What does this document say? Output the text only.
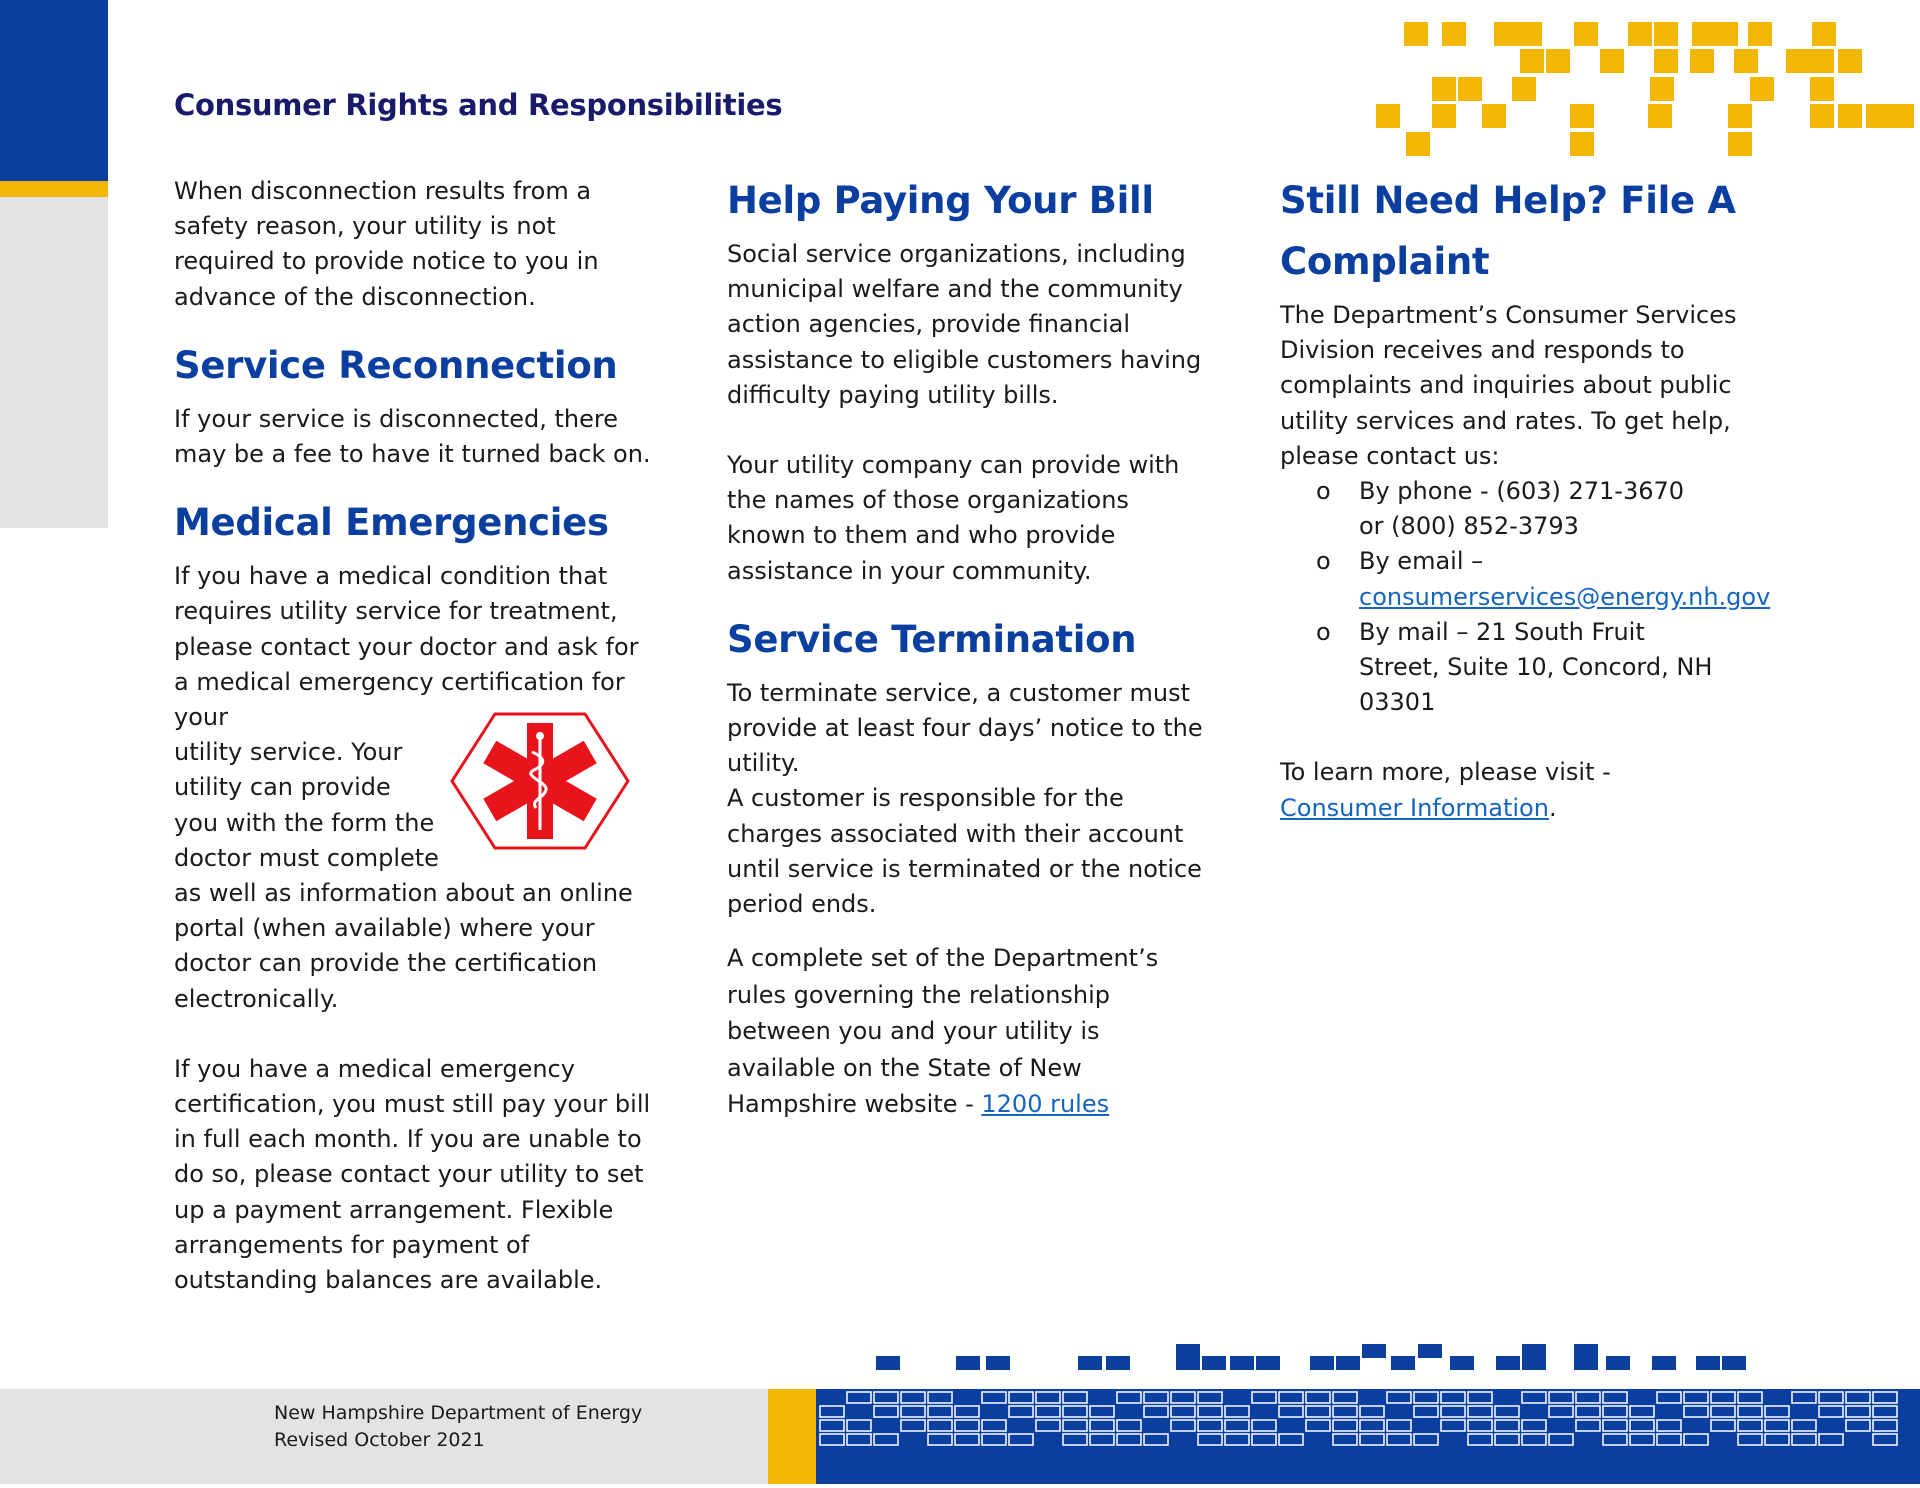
Consumer Rights and Responsibilities

When disconnection results from a safety reason, your utility is not required to provide notice to you in advance of the disconnection.

Service Reconnection

If your service is disconnected, there may be a fee to have it turned back on.

Medical Emergencies

If you have a medical condition that requires utility service for treatment, please contact your doctor and ask for a medical emergency certification for your

utility service. Your utility can provide you with the form the doctor must complete

as well as information about an online portal (when available) where your doctor can provide the certification electronically.

If you have a medical emergency certification, you must still pay your bill in full each month. If you are unable to do so, please contact your utility to set up a payment arrangement. Flexible arrangements for payment of outstanding balances are available.

Help Paying Your Bill

Social service organizations, including municipal welfare and the community action agencies, provide financial assistance to eligible customers having difficulty paying utility bills.

Your utility company can provide with the names of those organizations known to them and who provide assistance in your community.

Service Termination

To terminate service, a customer must provide at least four days’ notice to the utility.

A customer is responsible for the charges associated with their account until service is terminated or the notice period ends.

A complete set of the Department’s rules governing the relationship between you and your utility is available on the State of New Hampshire website - 1200 rules

Still Need Help? File A Complaint

The Department’s Consumer Services Division receives and responds to complaints and inquiries about public utility services and rates. To get help, please contact us:

o By phone - (603) 271-3670 or (800) 852-3793
o By email –
consumerservices@energy.nh.gov
o By mail – 21 South Fruit Street, Suite 10, Concord, NH 03301

To learn more, please visit - Consumer Information.

New Hampshire Department of Energy
Revised October 2021
